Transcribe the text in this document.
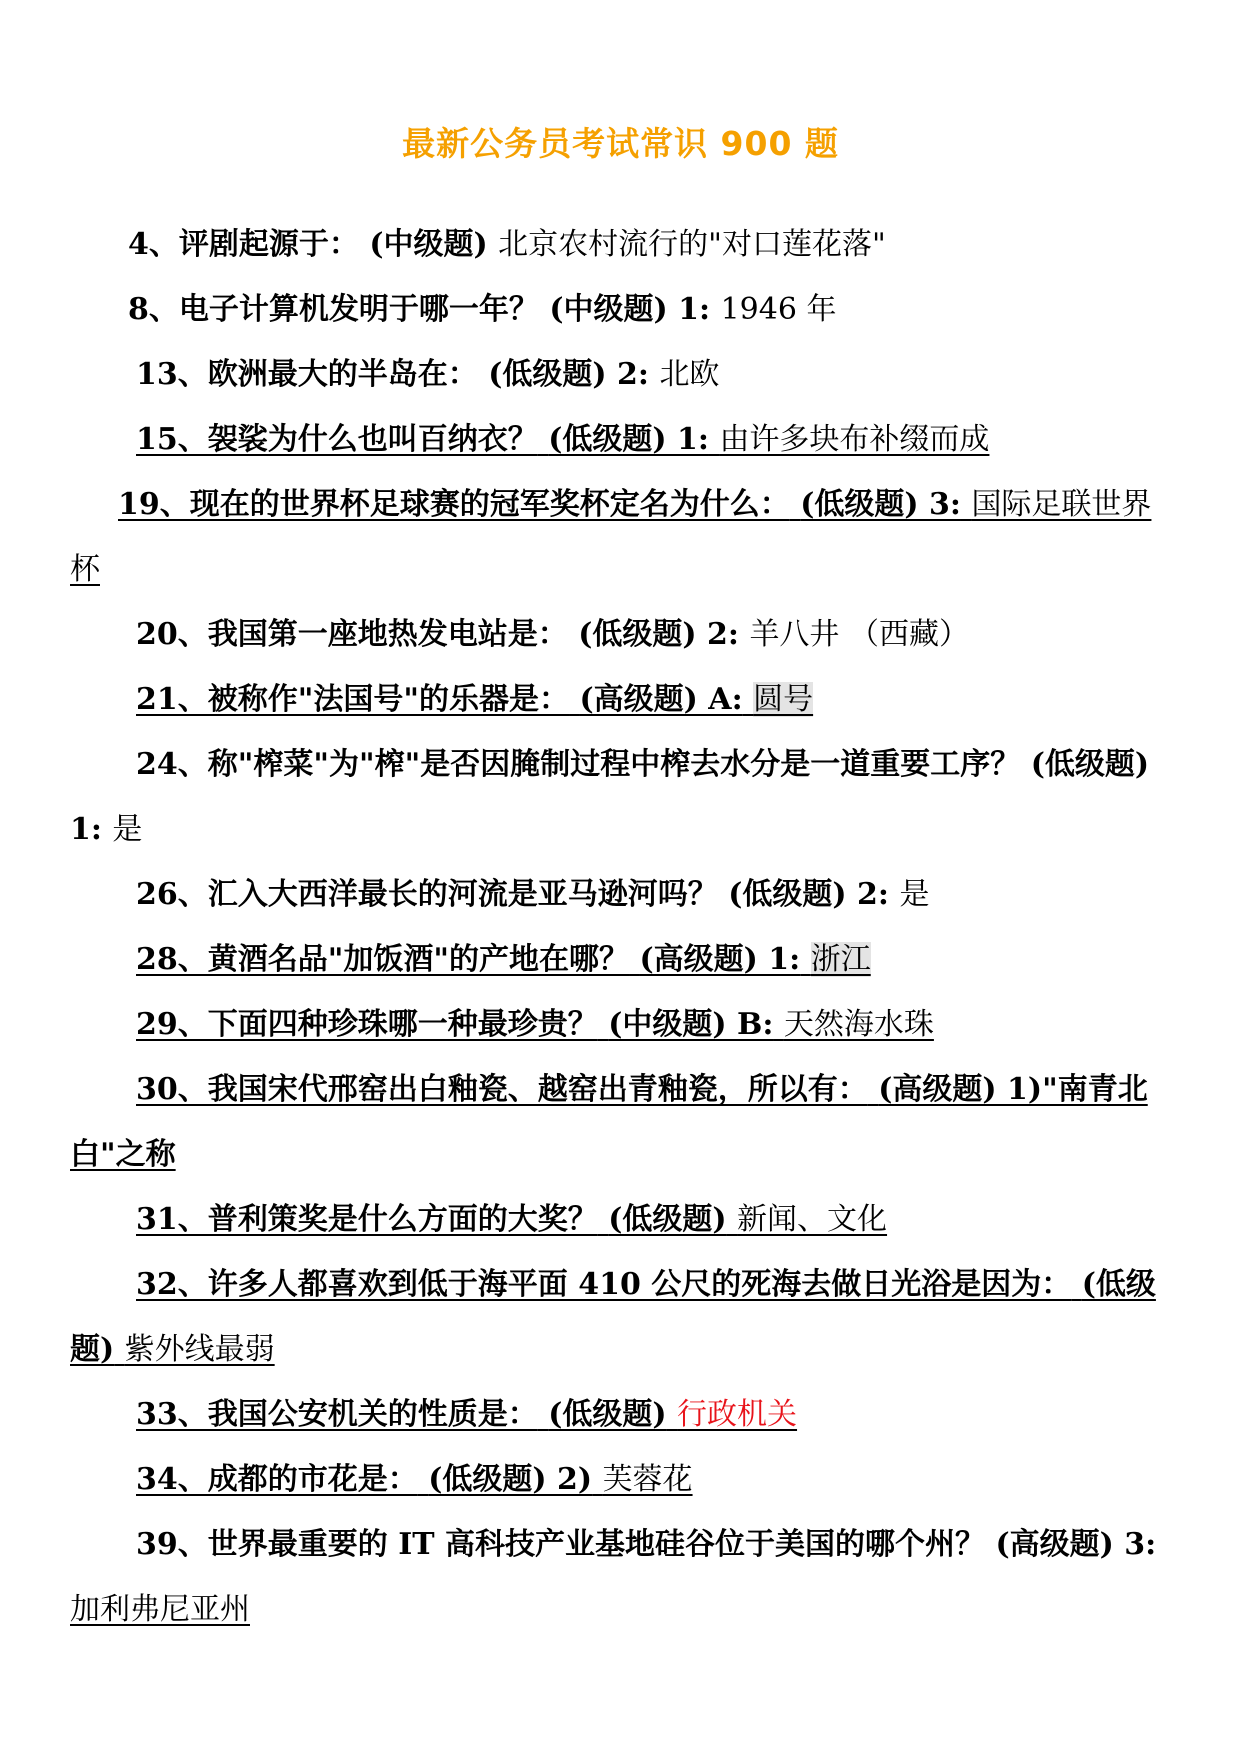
最新公务员考试常识 900 题

4、评剧起源于： (中级题) 北京农村流行的"对口莲花落"

8、电子计算机发明于哪一年？ (中级题) 1: 1946 年

13、欧洲最大的半岛在： (低级题) 2: 北欧

15、袈裟为什么也叫百纳衣？ (低级题) 1: 由许多块布补缀而成

19、现在的世界杯足球赛的冠军奖杯定名为什么： (低级题) 3: 国际足联世界杯

20、我国第一座地热发电站是： (低级题) 2: 羊八井 （西藏）

21、被称作"法国号"的乐器是： (高级题) A: 圆号

24、称"榨菜"为"榨"是否因腌制过程中榨去水分是一道重要工序？ (低级题) 1: 是

26、汇入大西洋最长的河流是亚马逊河吗？ (低级题) 2: 是

28、黄酒名品"加饭酒"的产地在哪？ (高级题) 1: 浙江

29、下面四种珍珠哪一种最珍贵？ (中级题) B: 天然海水珠

30、我国宋代邢窑出白釉瓷、越窑出青釉瓷，所以有： (高级题) 1)"南青北白"之称

31、普利策奖是什么方面的大奖？ (低级题) 新闻、文化

32、许多人都喜欢到低于海平面 410 公尺的死海去做日光浴是因为： (低级题) 紫外线最弱

33、我国公安机关的性质是： (低级题) 行政机关

34、成都的市花是： (低级题) 2) 芙蓉花

39、世界最重要的 IT 高科技产业基地硅谷位于美国的哪个州？ (高级题) 3: 加利弗尼亚州
